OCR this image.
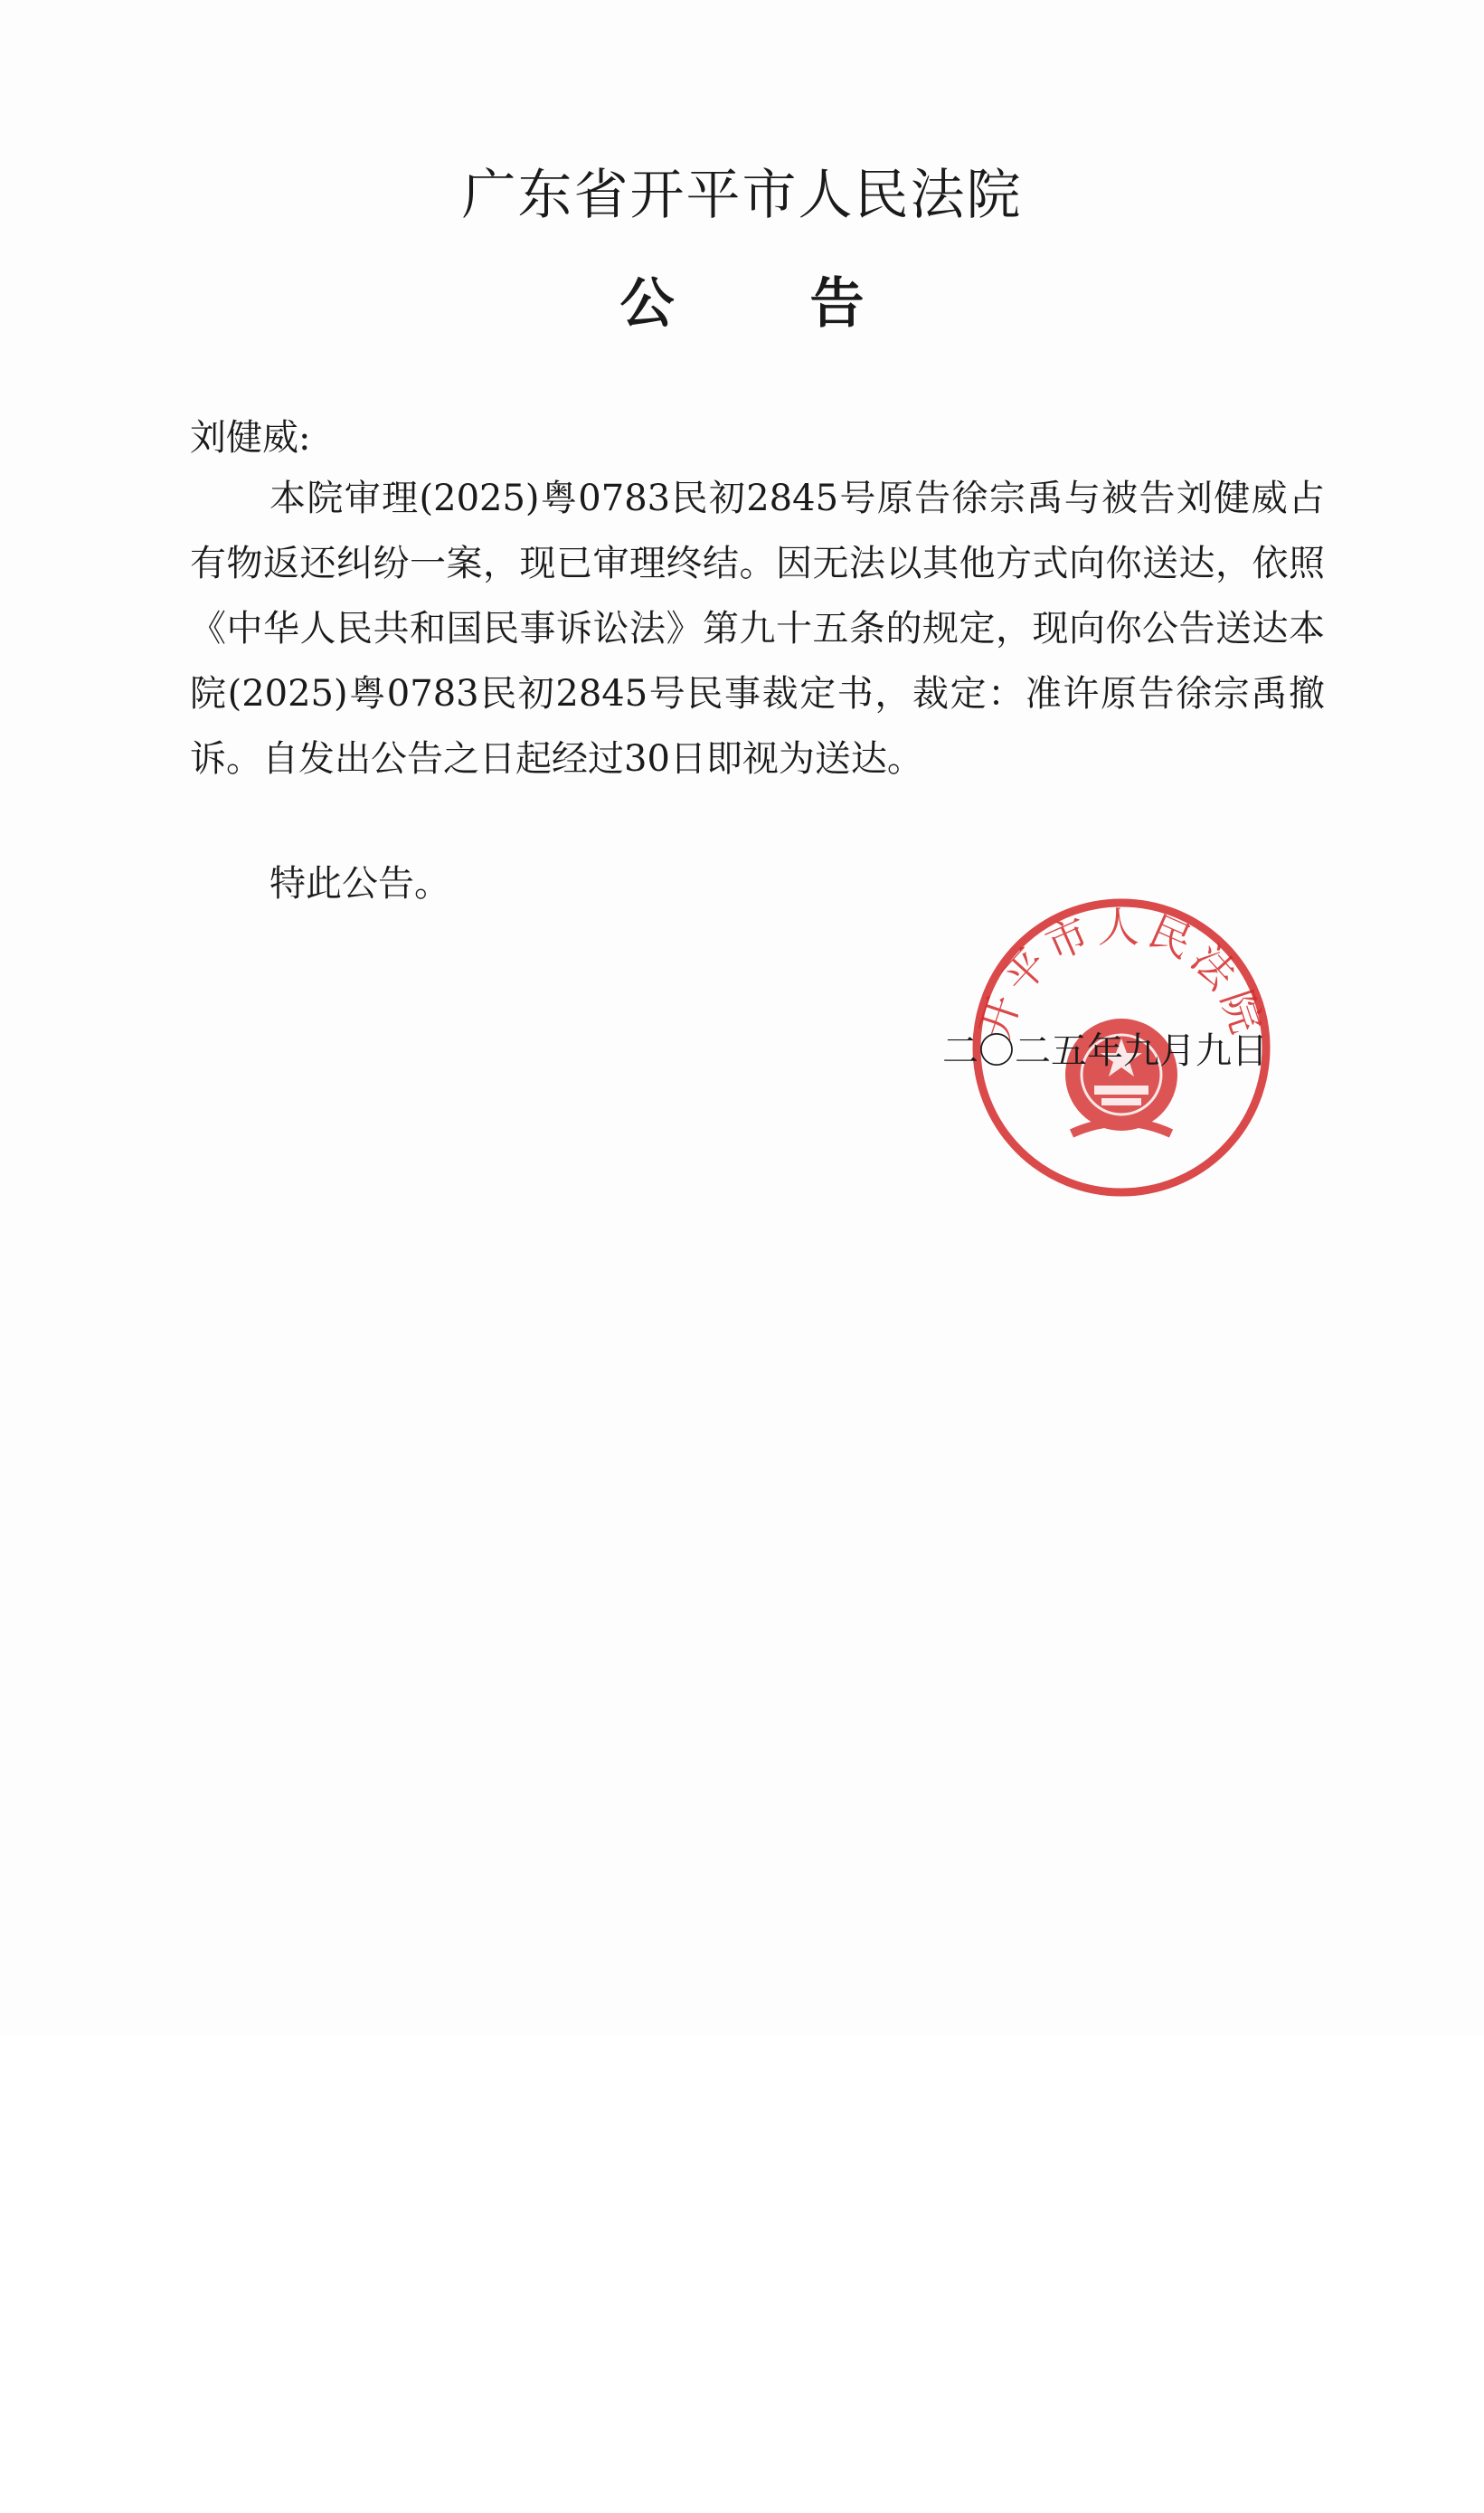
广东省开平市人民法院
公告

刘健威:

本院审理(2025)粤0783民初2845号原告徐宗禹与被告刘健威占有物返还纠纷一案，现已审理终结。因无法以其他方式向你送达，依照《中华人民共和国民事诉讼法》第九十五条的规定，现向你公告送达本院(2025)粤0783民初2845号民事裁定书，裁定：准许原告徐宗禹撤诉。自发出公告之日起经过30日即视为送达。

特此公告。

开平市人民法院

二〇二五年九月九日
